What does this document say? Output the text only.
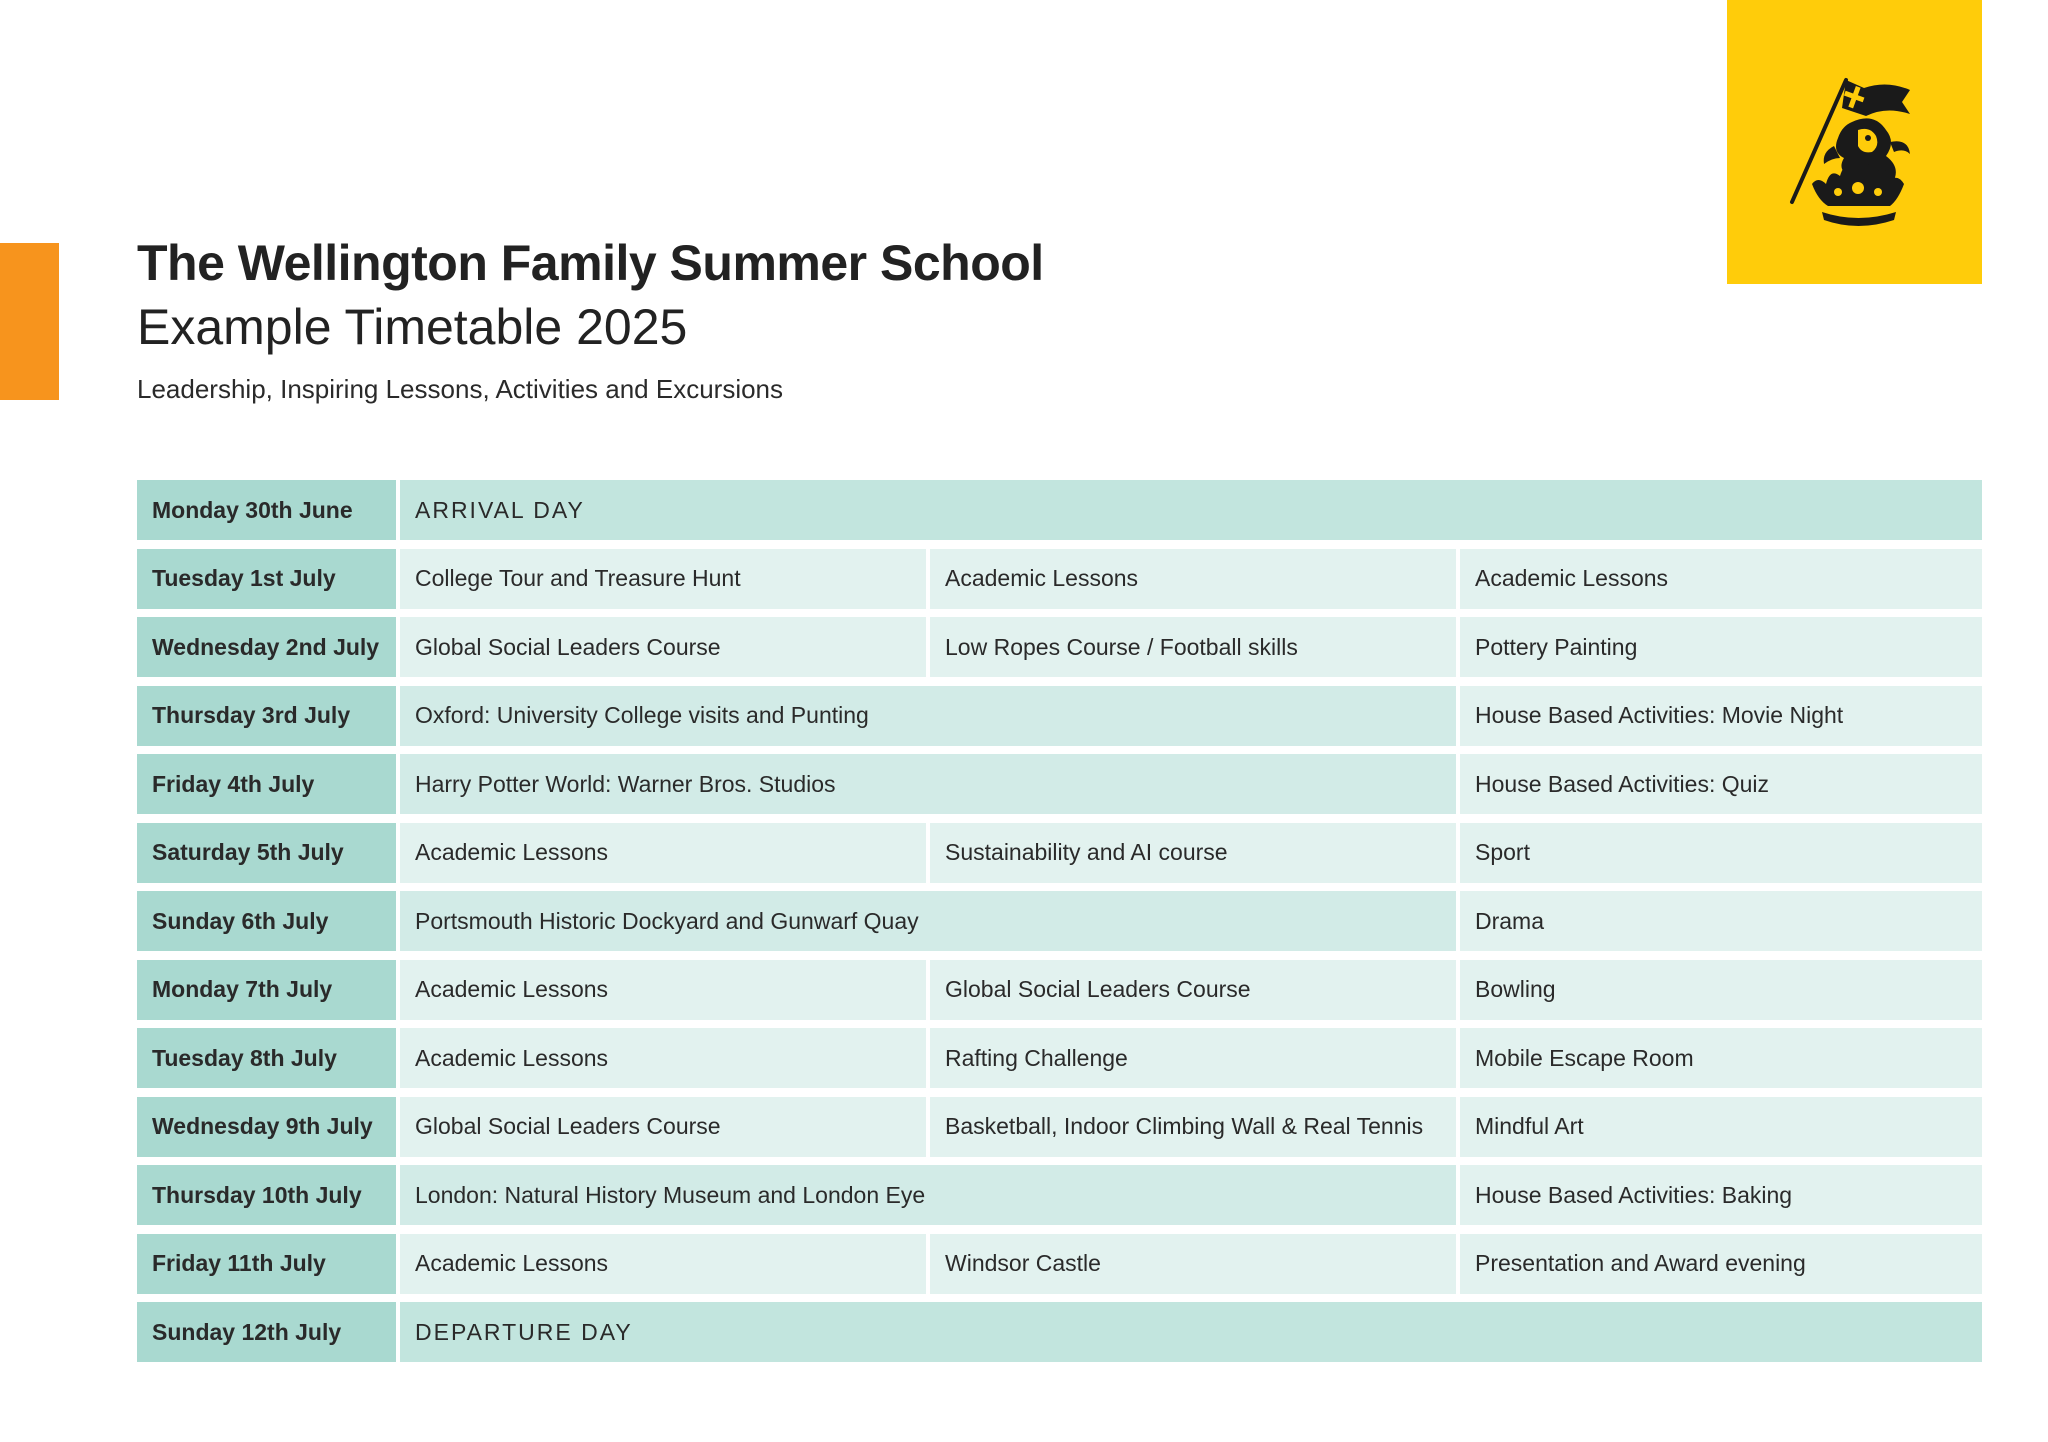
The Wellington Family Summer School
Example Timetable 2025
Leadership, Inspiring Lessons, Activities and Excursions
Monday 30th June	ARRIVAL DAY
Tuesday 1st July	College Tour and Treasure Hunt	Academic Lessons	Academic Lessons
Wednesday 2nd July	Global Social Leaders Course	Low Ropes Course / Football skills	Pottery Painting
Thursday 3rd July	Oxford: University College visits and Punting	House Based Activities: Movie Night
Friday 4th July	Harry Potter World: Warner Bros. Studios	House Based Activities: Quiz
Saturday 5th July	Academic Lessons	Sustainability and AI course	Sport
Sunday 6th July	Portsmouth Historic Dockyard and Gunwarf Quay	Drama
Monday 7th July	Academic Lessons	Global Social Leaders Course	Bowling
Tuesday 8th July	Academic Lessons	Rafting Challenge	Mobile Escape Room
Wednesday 9th July	Global Social Leaders Course	Basketball, Indoor Climbing Wall & Real Tennis	Mindful Art
Thursday 10th July	London: Natural History Museum and London Eye	House Based Activities: Baking
Friday 11th July	Academic Lessons	Windsor Castle	Presentation and Award evening
Sunday 12th July	DEPARTURE DAY
